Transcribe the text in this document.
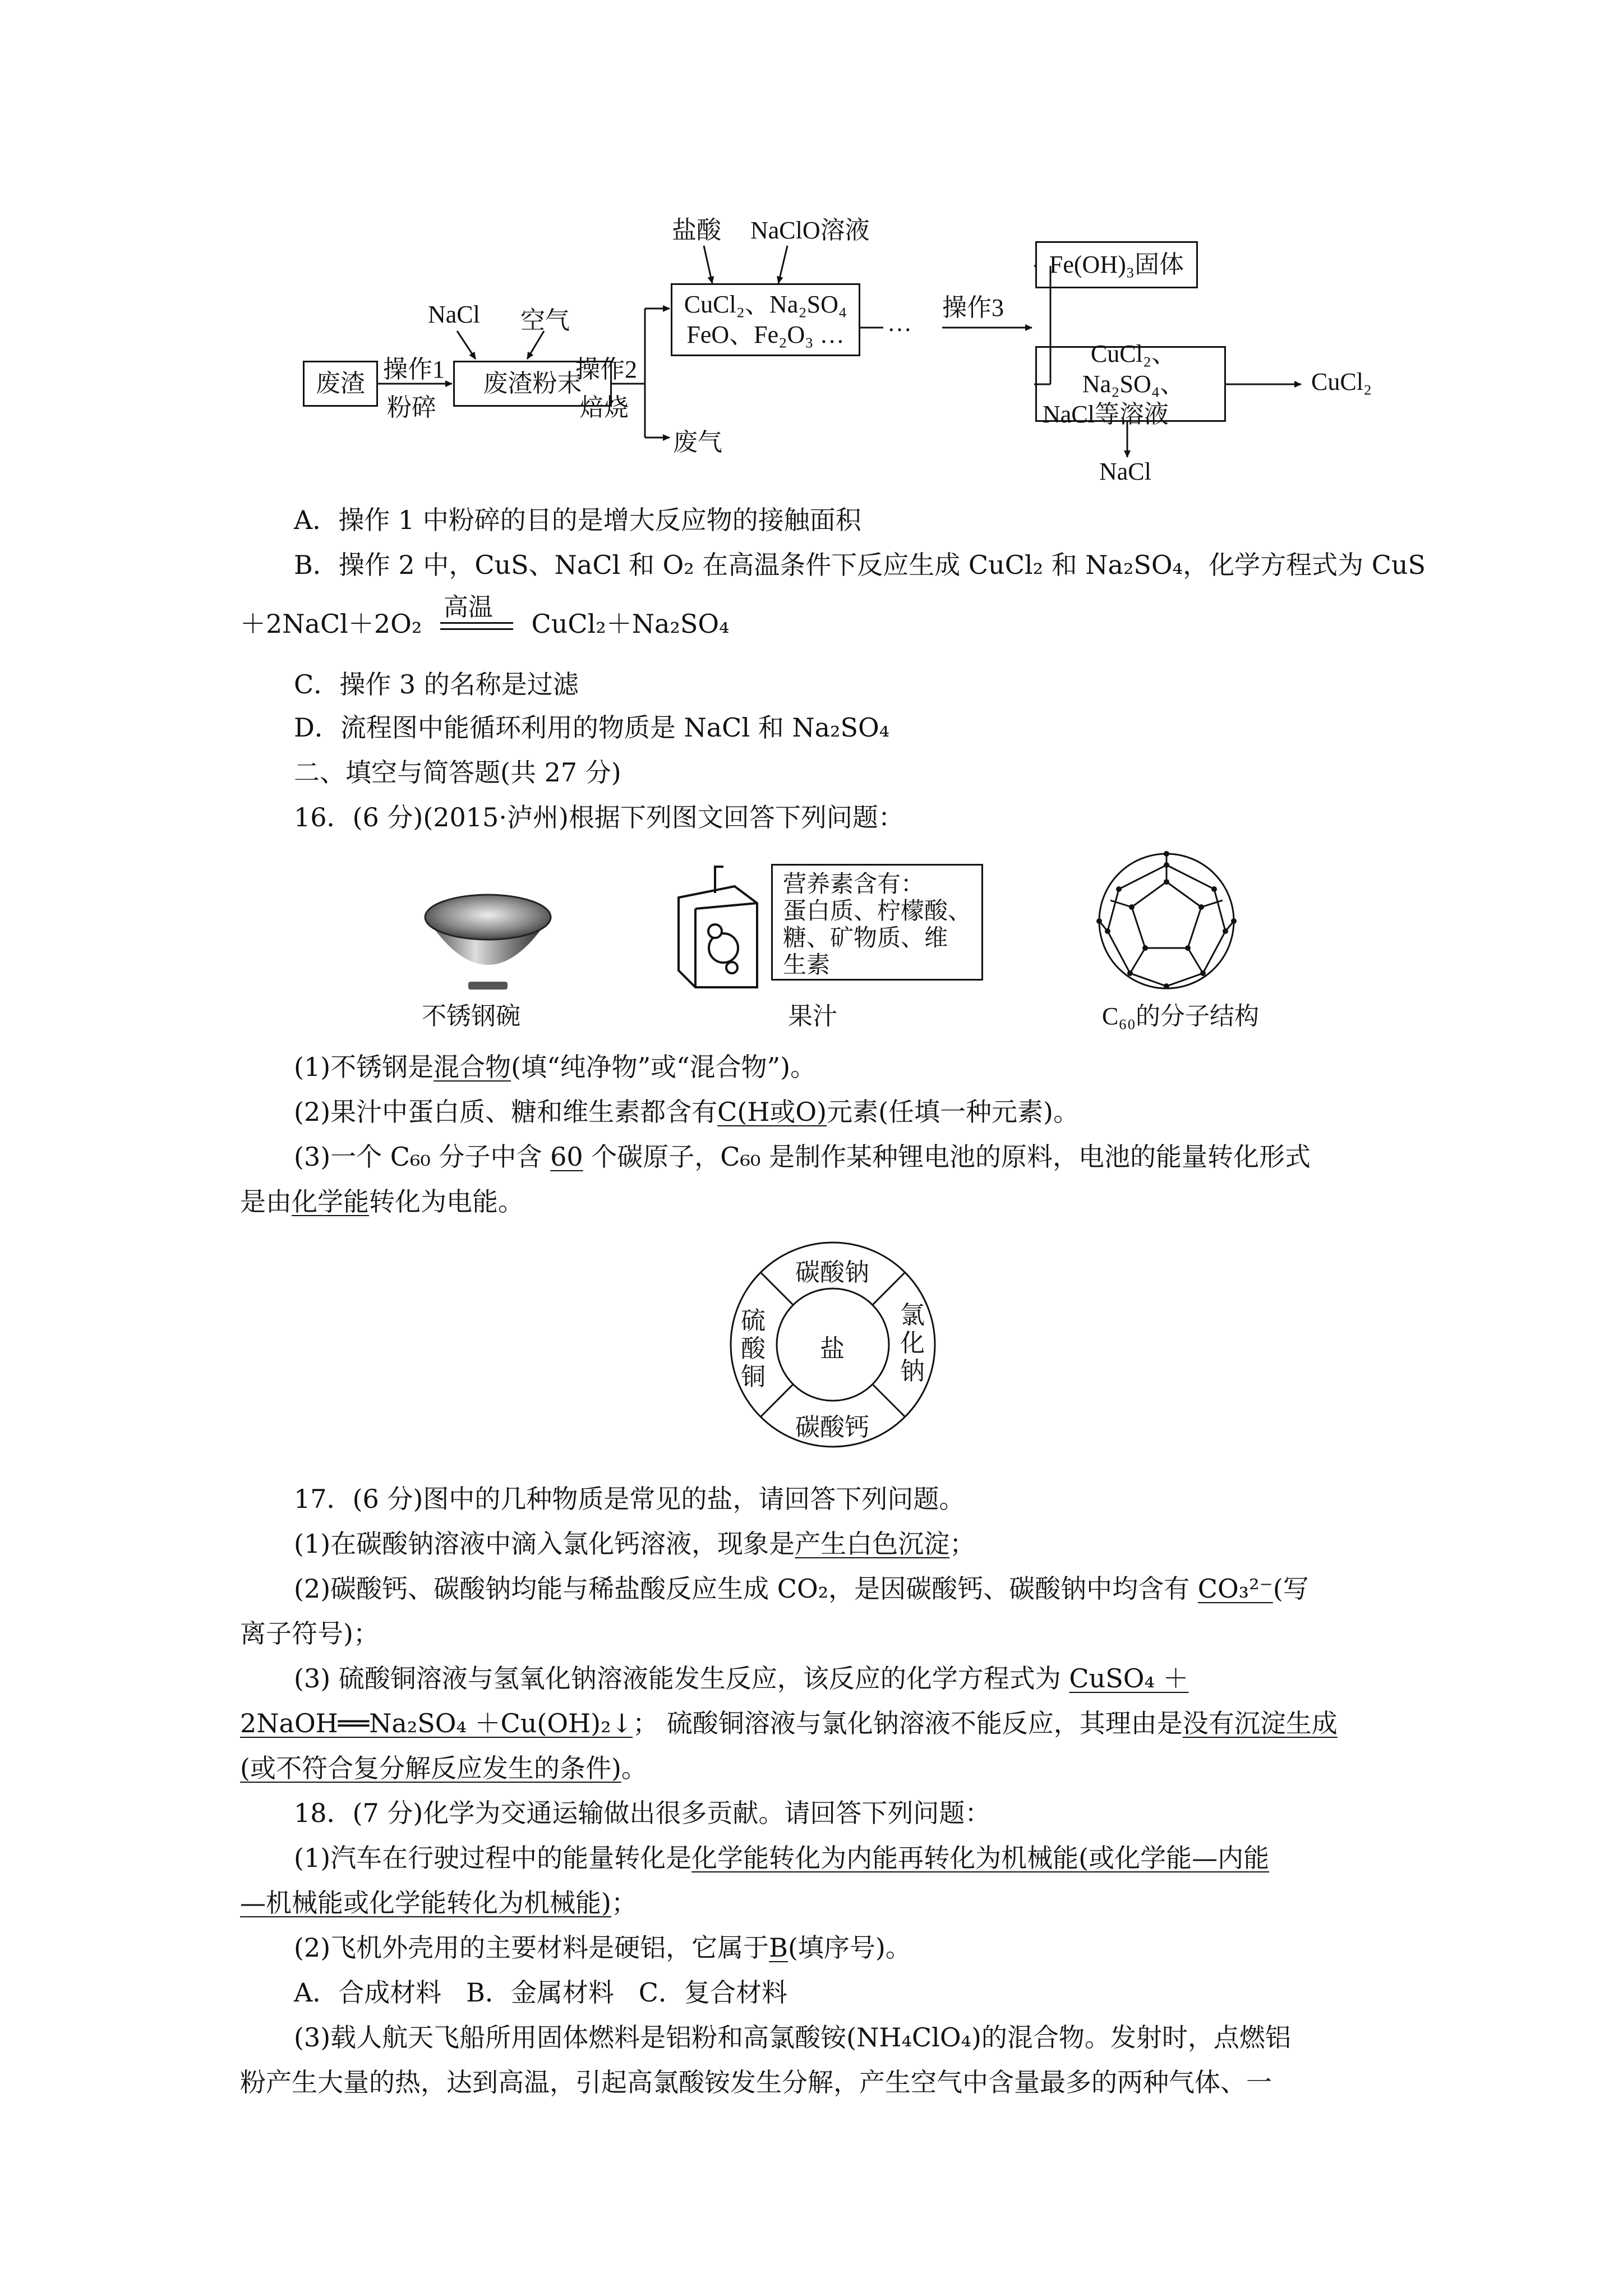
废渣
操作1
粉碎
NaCl 空气
废渣粉末
操作2
焙烧
废气
盐酸 NaClO溶液
CuCl₂、Na₂SO₄
FeO、Fe₂O₃ … …
操作3
Fe(OH)₃固体
CuCl₂、Na₂SO₄、
NaCl等溶液
CuCl₂
NaCl
A．操作 1 中粉碎的目的是增大反应物的接触面积
B．操作 2 中，CuS、NaCl 和 O₂ 在高温条件下反应生成 CuCl₂ 和 Na₂SO₄，化学方程式为 CuS
＋2NaCl＋2O₂
高温
CuCl₂＋Na₂SO₄
C．操作 3 的名称是过滤
D．流程图中能循环利用的物质是 NaCl 和 Na₂SO₄
二、填空与简答题(共 27 分)
16．(6 分)(2015·泸州)根据下列图文回答下列问题：
不锈钢碗
营养素含有：
蛋白质、柠檬酸、
糖、矿物质、维
生素
果汁	C₆₀的分子结构
(1)不锈钢是混合物(填“纯净物”或“混合物”)。
(2)果汁中蛋白质、糖和维生素都含有C(H或O)元素(任填一种元素)。
(3)一个 C₆₀ 分子中含 60 个碳原子，C₆₀ 是制作某种锂电池的原料，电池的能量转化形式
是由化学能转化为电能。
盐
碳酸钠
碳酸钙
硫酸铜
氯化钠
17．(6 分)图中的几种物质是常见的盐，请回答下列问题。
(1)在碳酸钠溶液中滴入氯化钙溶液，现象是产生白色沉淀；
(2)碳酸钙、碳酸钠均能与稀盐酸反应生成 CO₂，是因碳酸钙、碳酸钠中均含有 CO₃²⁻(写
离子符号)；
(3) 硫酸铜溶液与氢氧化钠溶液能发生反应，该反应的化学方程式为 CuSO₄ ＋
2NaOH══Na₂SO₄ ＋Cu(OH)₂↓； 硫酸铜溶液与氯化钠溶液不能反应，其理由是没有沉淀生成
(或不符合复分解反应发生的条件)。
18．(7 分)化学为交通运输做出很多贡献。请回答下列问题：
(1)汽车在行驶过程中的能量转化是化学能转化为内能再转化为机械能(或化学能—内能
—机械能或化学能转化为机械能)；
(2)飞机外壳用的主要材料是硬铝，它属于B(填序号)。
A．合成材料   B．金属材料   C．复合材料
(3)载人航天飞船所用固体燃料是铝粉和高氯酸铵(NH₄ClO₄)的混合物。发射时，点燃铝
粉产生大量的热，达到高温，引起高氯酸铵发生分解，产生空气中含量最多的两种气体、一
